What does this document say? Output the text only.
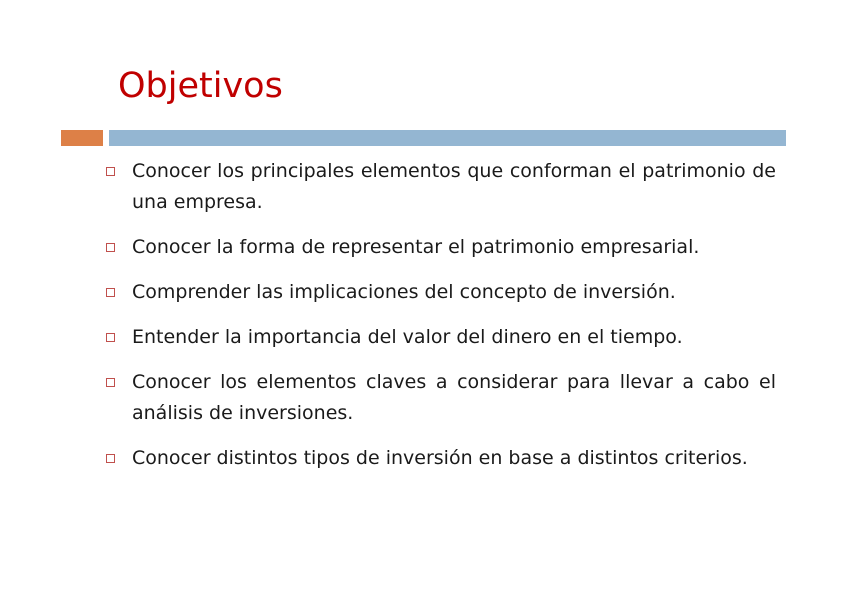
Objetivos
Conocer los principales elementos que conforman el patrimonio de una empresa.
Conocer la forma de representar el patrimonio empresarial.
Comprender las implicaciones del concepto de inversión.
Entender la importancia del valor del dinero en el tiempo.
Conocer los elementos claves a considerar para llevar a cabo el análisis de inversiones.
Conocer distintos tipos de inversión en base a distintos criterios.
